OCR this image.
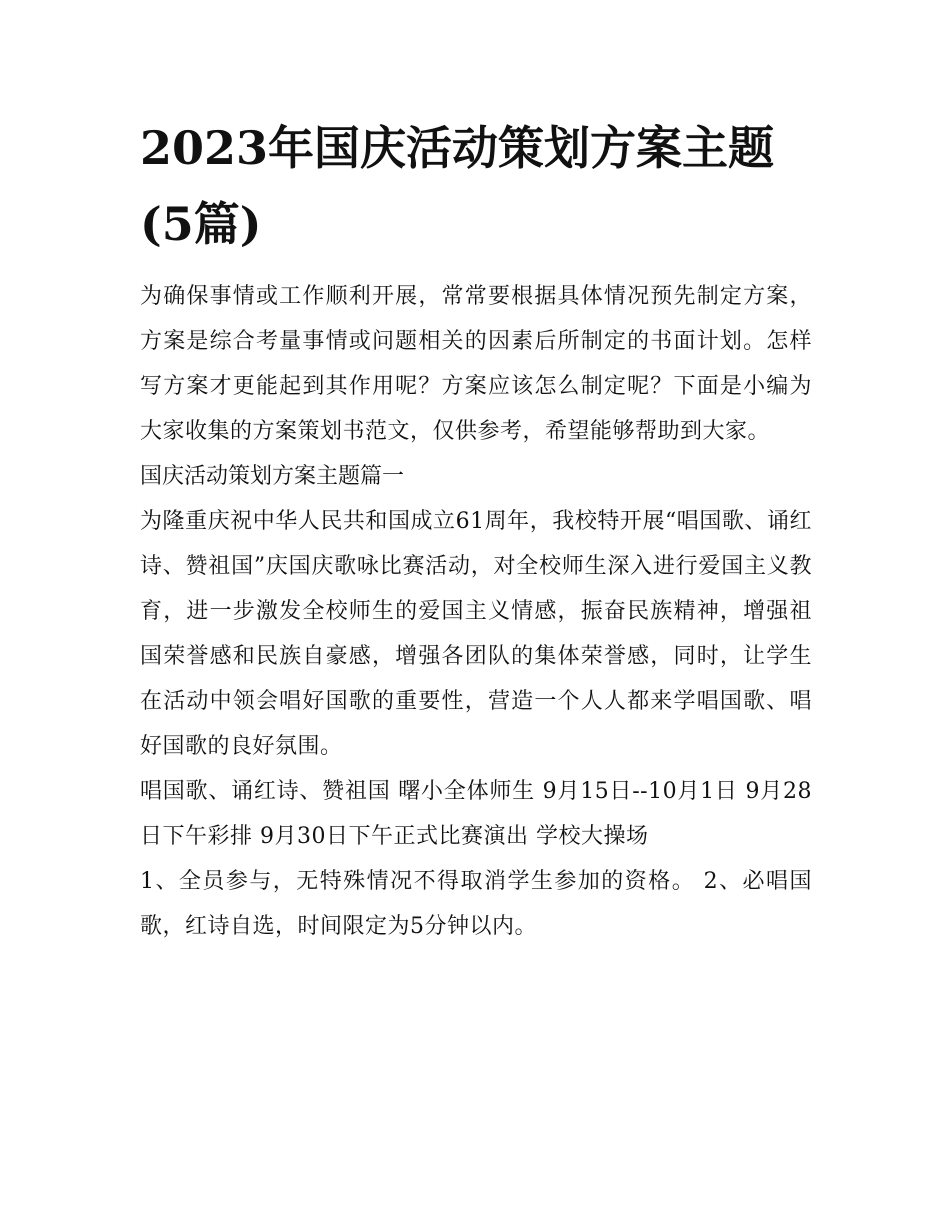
2023年国庆活动策划方案主题(5篇)

为确保事情或工作顺利开展，常常要根据具体情况预先制定方案，方案是综合考量事情或问题相关的因素后所制定的书面计划。怎样写方案才更能起到其作用呢？方案应该怎么制定呢？下面是小编为大家收集的方案策划书范文，仅供参考，希望能够帮助到大家。

国庆活动策划方案主题篇一

为隆重庆祝中华人民共和国成立61周年，我校特开展“唱国歌、诵红诗、赞祖国”庆国庆歌咏比赛活动，对全校师生深入进行爱国主义教育，进一步激发全校师生的爱国主义情感，振奋民族精神，增强祖国荣誉感和民族自豪感，增强各团队的集体荣誉感，同时，让学生在活动中领会唱好国歌的重要性，营造一个人人都来学唱国歌、唱好国歌的良好氛围。

唱国歌、诵红诗、赞祖国 曙小全体师生 9月15日--10月1日 9月28日下午彩排 9月30日下午正式比赛演出 学校大操场

1、全员参与，无特殊情况不得取消学生参加的资格。 2、必唱国歌，红诗自选，时间限定为5分钟以内。
